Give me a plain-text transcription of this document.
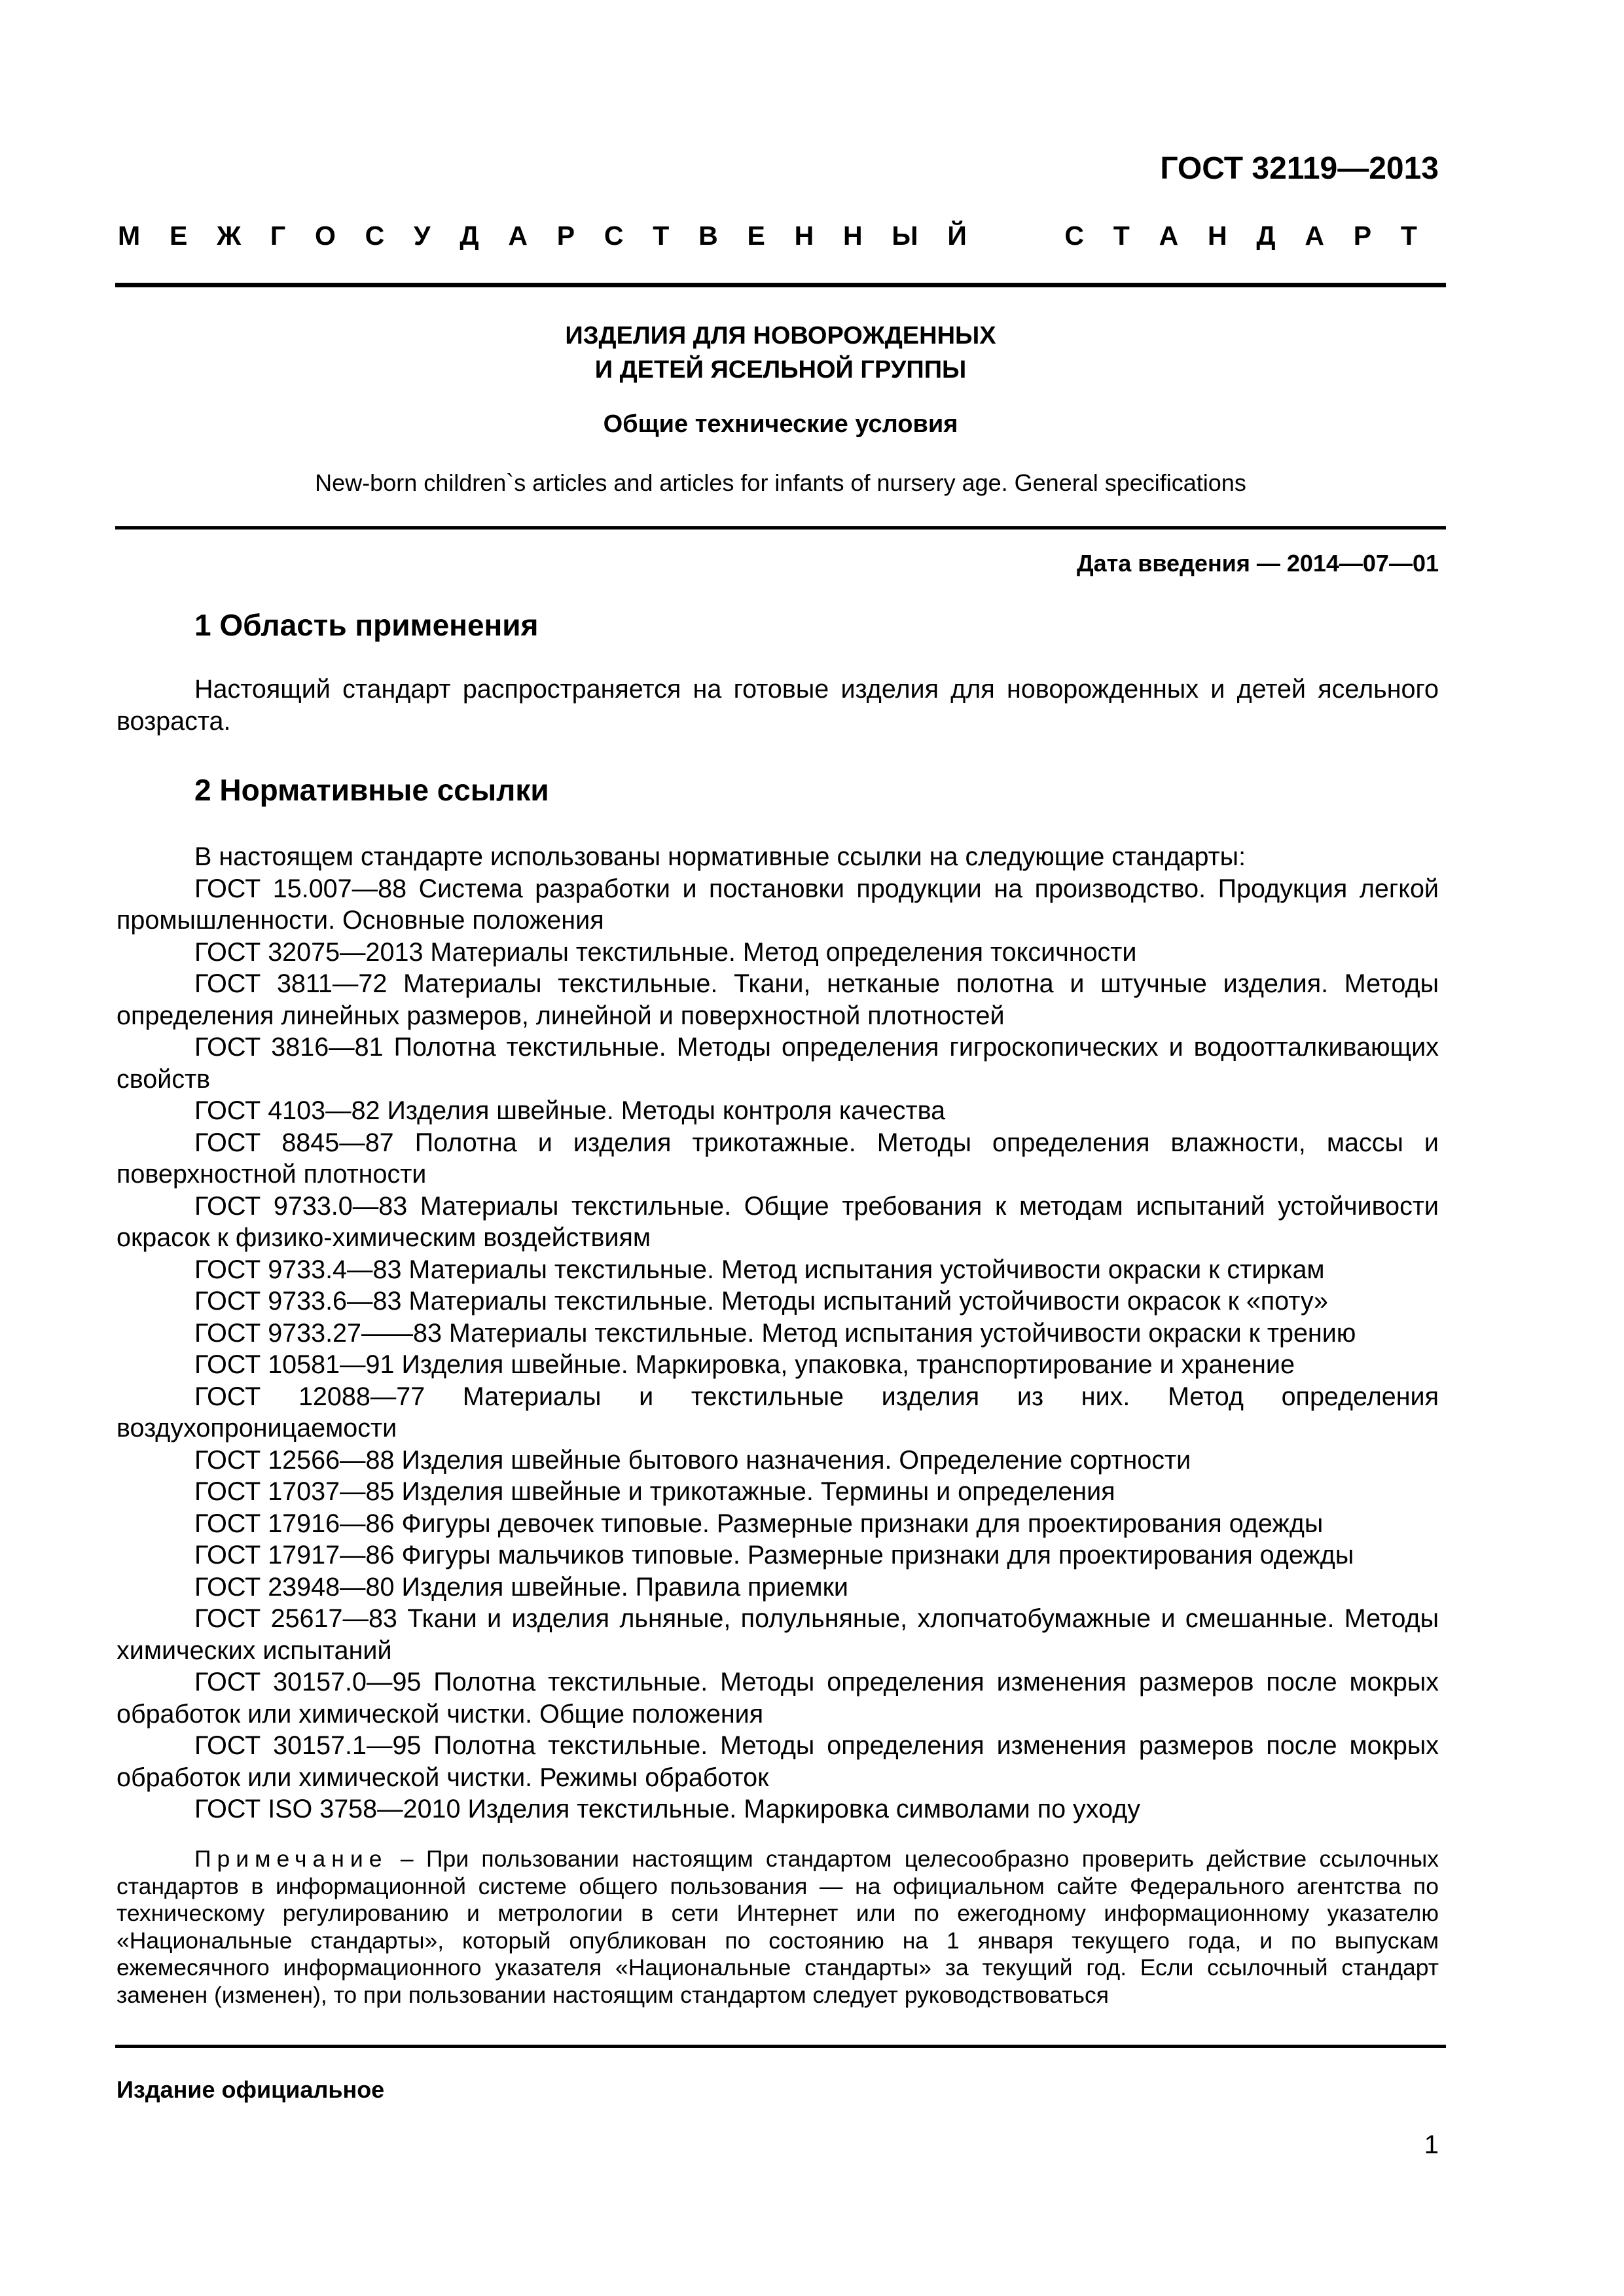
ГОСТ 32119—2013
М Е Ж Г О С У Д А Р С Т В Е Н Н Ы Й	С Т А Н Д А Р Т
ИЗДЕЛИЯ ДЛЯ НОВОРОЖДЕННЫХ
И ДЕТЕЙ ЯСЕЛЬНОЙ ГРУППЫ
Общие технические условия
New-born children`s articles and articles for infants of nursery age. General specifications
Дата введения — 2014—07—01
1 Область применения

Настоящий стандарт распространяется на готовые изделия для новорожденных и детей ясельного возраста.

2 Нормативные ссылки

В настоящем стандарте использованы нормативные ссылки на следующие стандарты:

ГОСТ 15.007—88 Система разработки и постановки продукции на производство. Продукция легкой промышленности. Основные положения

ГОСТ 32075—2013 Материалы текстильные. Метод определения токсичности

ГОСТ 3811—72 Материалы текстильные. Ткани, нетканые полотна и штучные изделия. Методы определения линейных размеров, линейной и поверхностной плотностей

ГОСТ 3816—81 Полотна текстильные. Методы определения гигроскопических и водоотталкивающих свойств

ГОСТ 4103—82 Изделия швейные. Методы контроля качества

ГОСТ 8845—87 Полотна и изделия трикотажные. Методы определения влажности, массы и поверхностной плотности

ГОСТ 9733.0—83 Материалы текстильные. Общие требования к методам испытаний устойчивости окрасок к физико-химическим воздействиям

ГОСТ 9733.4—83 Материалы текстильные. Метод испытания устойчивости окраски к стиркам

ГОСТ 9733.6—83 Материалы текстильные. Методы испытаний устойчивости окрасок к «поту»

ГОСТ 9733.27——83 Материалы текстильные. Метод испытания устойчивости окраски к трению

ГОСТ 10581—91 Изделия швейные. Маркировка, упаковка, транспортирование и хранение

ГОСТ 12088—77 Материалы и текстильные изделия из них. Метод определения воздухопроницаемости

ГОСТ 12566—88 Изделия швейные бытового назначения. Определение сортности

ГОСТ 17037—85 Изделия швейные и трикотажные. Термины и определения

ГОСТ 17916—86 Фигуры девочек типовые. Размерные признаки для проектирования одежды

ГОСТ 17917—86 Фигуры мальчиков типовые. Размерные признаки для проектирования одежды

ГОСТ 23948—80 Изделия швейные. Правила приемки

ГОСТ 25617—83 Ткани и изделия льняные, полульняные, хлопчатобумажные и смешанные. Методы химических испытаний

ГОСТ 30157.0—95 Полотна текстильные. Методы определения изменения размеров после мокрых обработок или химической чистки. Общие положения

ГОСТ 30157.1—95 Полотна текстильные. Методы определения изменения размеров после мокрых обработок или химической чистки. Режимы обработок

ГОСТ ISO 3758—2010 Изделия текстильные. Маркировка символами по уходу

Примечание – При пользовании настоящим стандартом целесообразно проверить действие ссылочных стандартов в информационной системе общего пользования — на официальном сайте Федерального агентства по техническому регулированию и метрологии в сети Интернет или по ежегодному информационному указателю «Национальные стандарты», который опубликован по состоянию на 1 января текущего года, и по выпускам ежемесячного информационного указателя «Национальные стандарты» за текущий год. Если ссылочный стандарт заменен (изменен), то при пользовании настоящим стандартом следует руководствоваться

Издание официальное
1
